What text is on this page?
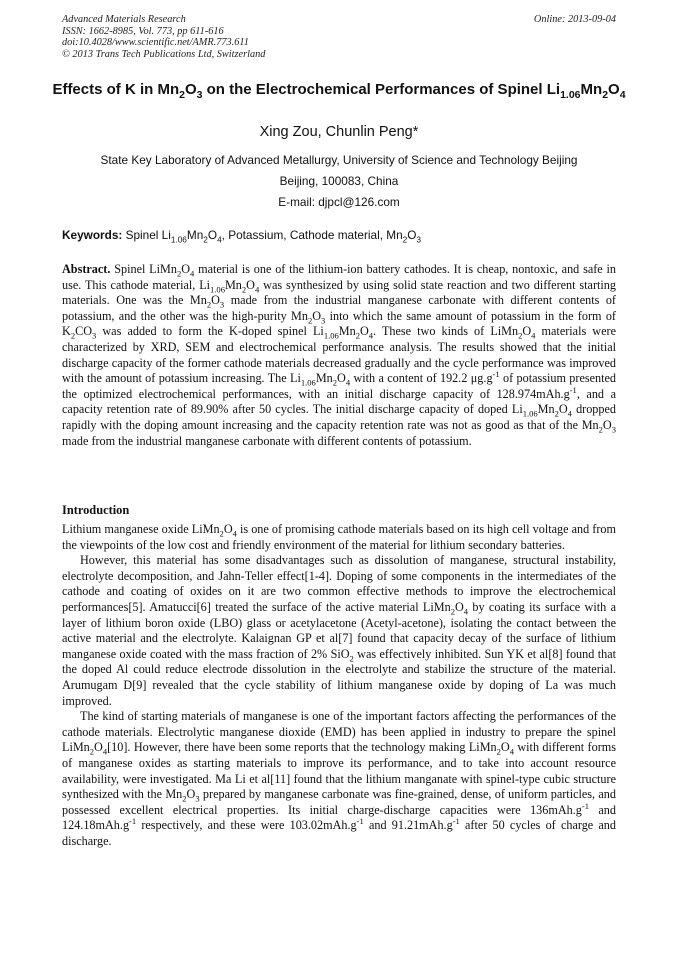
Advanced Materials Research
ISSN: 1662-8985, Vol. 773, pp 611-616
doi:10.4028/www.scientific.net/AMR.773.611
© 2013 Trans Tech Publications Ltd, Switzerland
Online: 2013-09-04
Effects of K in $Mn_2O_3$ on the Electrochemical Performances of Spinel $Li_{1.06}Mn_2O_4$
Xing Zou, Chunlin Peng*
State Key Laboratory of Advanced Metallurgy, University of Science and Technology Beijing
Beijing, 100083, China
E-mail: djpcl@126.com
Keywords: Spinel $Li_{1.06}Mn_2O_4$, Potassium, Cathode material, $Mn_2O_3$
Abstract. Spinel $LiMn_2O_4$ material is one of the lithium-ion battery cathodes. It is cheap, nontoxic, and safe in use. This cathode material, $Li_{1.06}Mn_2O_4$ was synthesized by using solid state reaction and two different starting materials. One was the $Mn_2O_3$ made from the industrial manganese carbonate with different contents of potassium, and the other was the high-purity $Mn_2O_3$ into which the same amount of potassium in the form of $K_2CO_3$ was added to form the K-doped spinel $Li_{1.06}Mn_2O_4$. These two kinds of $LiMn_2O_4$ materials were characterized by XRD, SEM and electrochemical performance analysis. The results showed that the initial discharge capacity of the former cathode materials decreased gradually and the cycle performance was improved with the amount of potassium increasing. The $Li_{1.06}Mn_2O_4$ with a content of 192.2 $\mu g.g^{-1}$ of potassium presented the optimized electrochemical performances, with an initial discharge capacity of $128.974mAh.g^{-1}$, and a capacity retention rate of 89.90% after 50 cycles. The initial discharge capacity of doped $Li_{1.06}Mn_2O_4$ dropped rapidly with the doping amount increasing and the capacity retention rate was not as good as that of the $Mn_2O_3$ made from the industrial manganese carbonate with different contents of potassium.
Introduction

Lithium manganese oxide $LiMn_2O_4$ is one of promising cathode materials based on its high cell voltage and from the viewpoints of the low cost and friendly environment of the material for lithium secondary batteries.

However, this material has some disadvantages such as dissolution of manganese, structural instability, electrolyte decomposition, and Jahn-Teller effect[1-4]. Doping of some components in the intermediates of the cathode and coating of oxides on it are two common effective methods to improve the electrochemical performances[5]. Amatucci[6] treated the surface of the active material $LiMn_2O_4$ by coating its surface with a layer of lithium boron oxide (LBO) glass or acetylacetone (Acetyl-acetone), isolating the contact between the active material and the electrolyte. Kalaignan GP et al[7] found that capacity decay of the surface of lithium manganese oxide coated with the mass fraction of 2% SiO$_2$ was effectively inhibited. Sun YK et al[8] found that the doped Al could reduce electrode dissolution in the electrolyte and stabilize the structure of the material. Arumugam D[9] revealed that the cycle stability of lithium manganese oxide by doping of La was much improved.

The kind of starting materials of manganese is one of the important factors affecting the performances of the cathode materials. Electrolytic manganese dioxide (EMD) has been applied in industry to prepare the spinel $LiMn_2O_4[10]$. However, there have been some reports that the technology making $LiMn_2O_4$ with different forms of manganese oxides as starting materials to improve its performance, and to take into account resource availability, were investigated. Ma Li et al[11] found that the lithium manganate with spinel-type cubic structure synthesized with the $Mn_2O_3$ prepared by manganese carbonate was fine-grained, dense, of uniform particles, and possessed excellent electrical properties. Its initial charge-discharge capacities were $136mAh.g^{-1}$ and $124.18mAh.g^{-1}$ respectively, and these were $103.02mAh.g^{-1}$ and $91.21mAh.g^{-1}$ after 50 cycles of charge and discharge.
